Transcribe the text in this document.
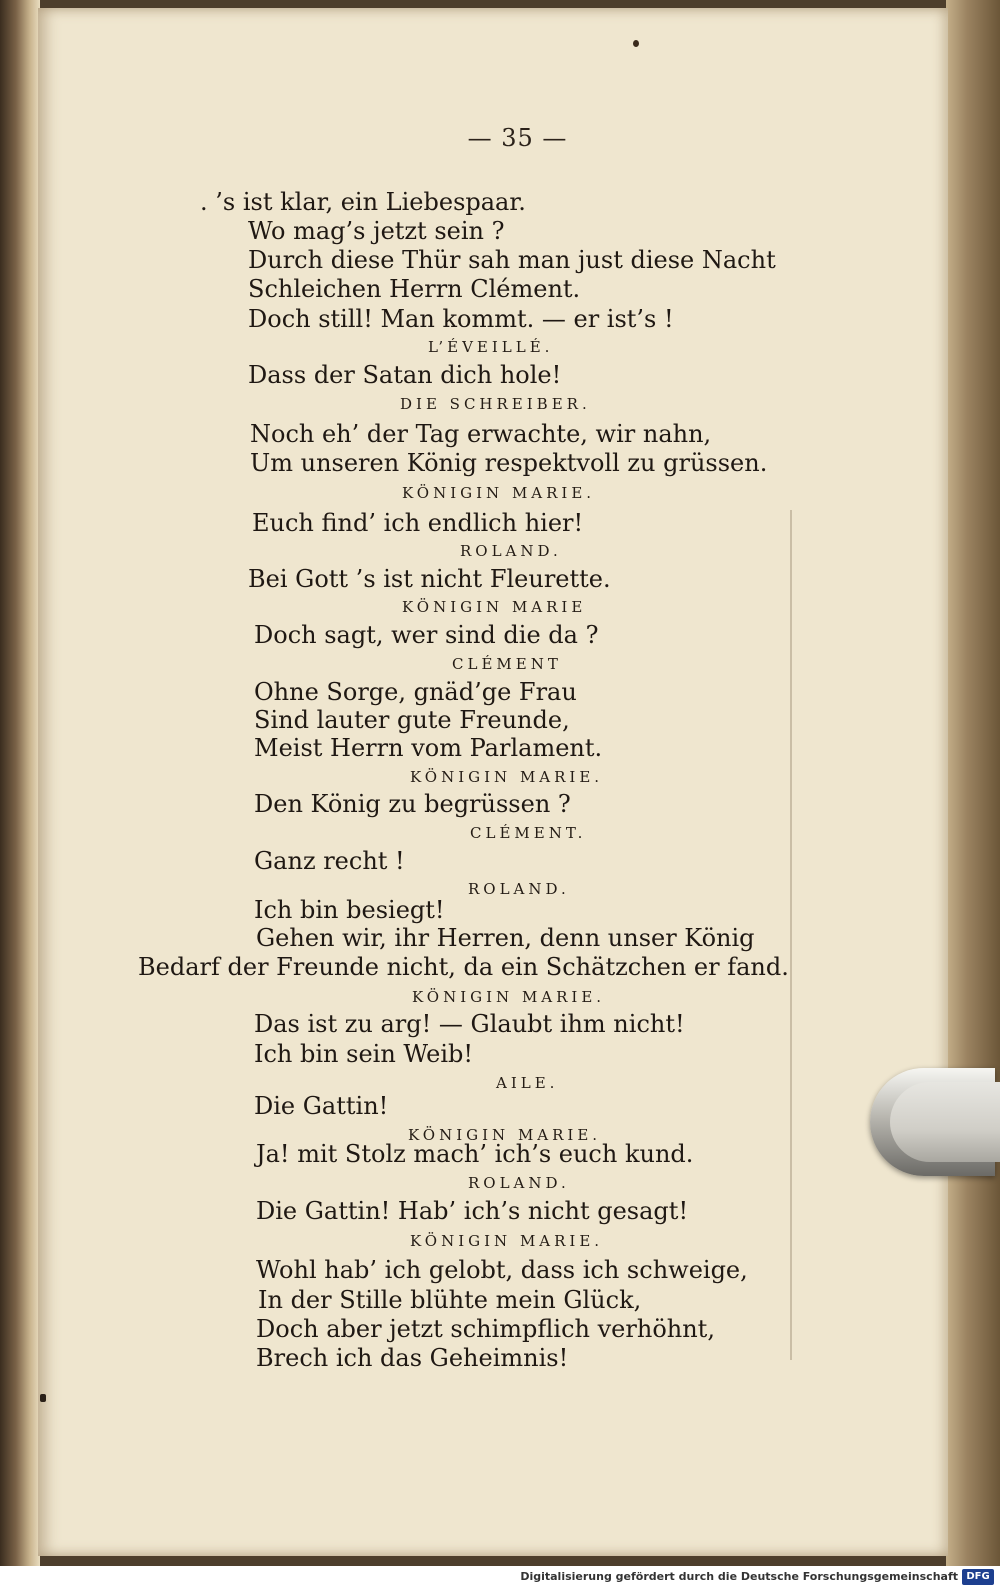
— 35 —
. ’s ist klar, ein Liebespaar.
Wo mag’s jetzt sein ?
Durch diese Thür sah man just diese Nacht
Schleichen Herrn Clément.
Doch still! Man kommt. — er ist’s !
L’ÉVEILLÉ.
Dass der Satan dich hole!
DIE SCHREIBER.
Noch eh’ der Tag erwachte, wir nahn,
Um unseren König respektvoll zu grüssen.
KÖNIGIN MARIE.
Euch find’ ich endlich hier!
ROLAND.
Bei Gott ’s ist nicht Fleurette.
KÖNIGIN MARIE
Doch sagt, wer sind die da ?
CLÉMENT
Ohne Sorge, gnäd’ge Frau
Sind lauter gute Freunde,
Meist Herrn vom Parlament.
KÖNIGIN MARIE.
Den König zu begrüssen ?
CLÉMENT.
Ganz recht !
ROLAND.
Ich bin besiegt!
Gehen wir, ihr Herren, denn unser König
Bedarf der Freunde nicht, da ein Schätzchen er fand.
KÖNIGIN MARIE.
Das ist zu arg! — Glaubt ihm nicht!
Ich bin sein Weib!
AILE.
Die Gattin!
KÖNIGIN MARIE.
Ja! mit Stolz mach’ ich’s euch kund.
ROLAND.
Die Gattin! Hab’ ich’s nicht gesagt!
KÖNIGIN MARIE.
Wohl hab’ ich gelobt, dass ich schweige,
In der Stille blühte mein Glück,
Doch aber jetzt schimpflich verhöhnt,
Brech ich das Geheimnis!
Digitalisierung gefördert durch die Deutsche Forschungsgemeinschaft DFG
